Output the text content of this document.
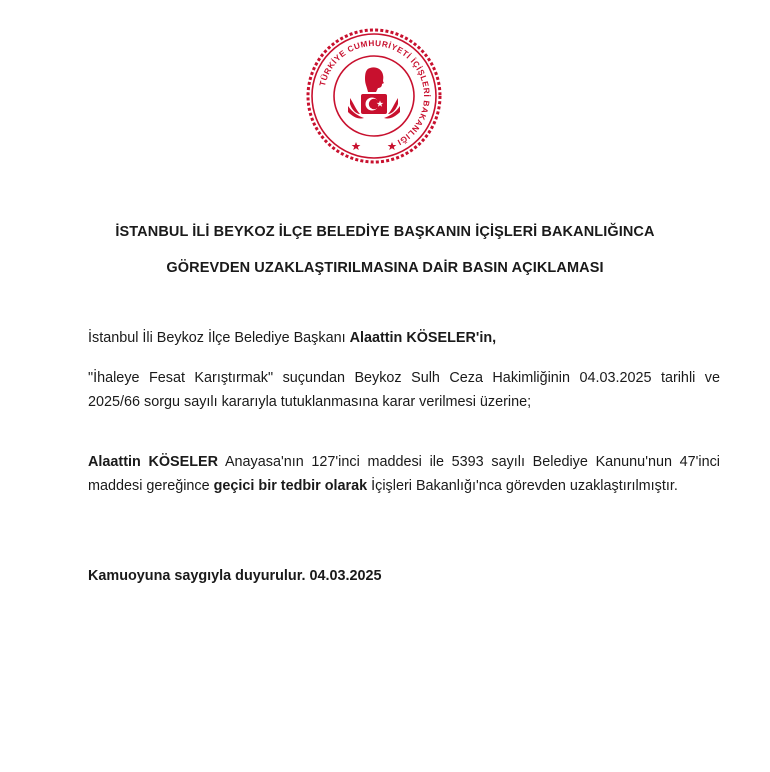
TÜRKİYE CUMHURİYETİ İÇİŞLERİ BAKANLIĞI
İSTANBUL İLİ BEYKOZ İLÇE BELEDİYE BAŞKANIN İÇİŞLERİ BAKANLIĞINCA
GÖREVDEN UZAKLAŞTIRILMASINA DAİR BASIN AÇIKLAMASI
İstanbul İli Beykoz İlçe Belediye Başkanı Alaattin KÖSELER'in,
"İhaleye Fesat Karıştırmak" suçundan Beykoz Sulh Ceza Hakimliğinin 04.03.2025 tarihli ve 2025/66 sorgu sayılı kararıyla tutuklanmasına karar verilmesi üzerine;
Alaattin KÖSELER Anayasa'nın 127'inci maddesi ile 5393 sayılı Belediye Kanunu'nun 47'inci maddesi gereğince geçici bir tedbir olarak İçişleri Bakanlığı'nca görevden uzaklaştırılmıştır.
Kamuoyuna saygıyla duyurulur. 04.03.2025
